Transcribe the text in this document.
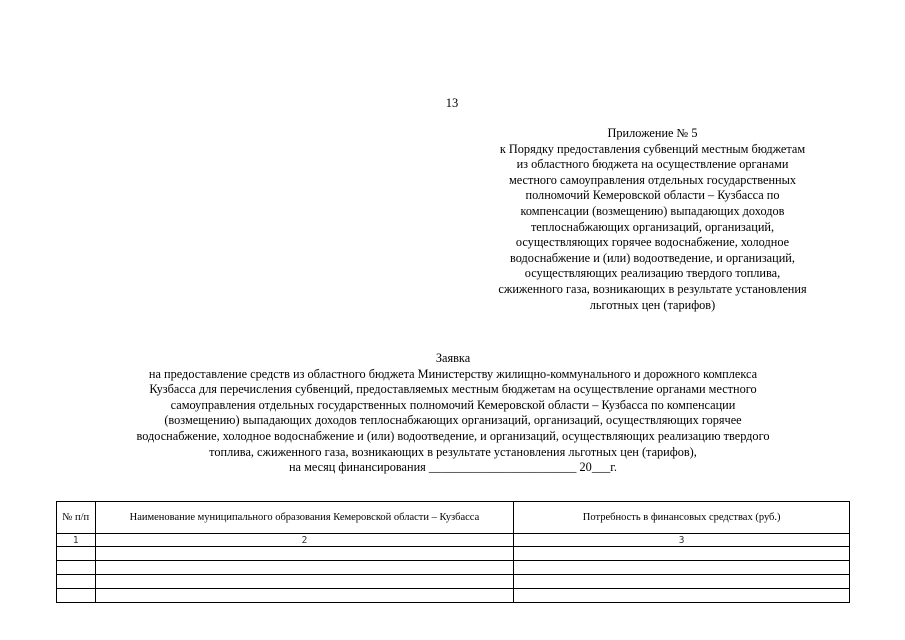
13
Приложение № 5
к Порядку предоставления субвенций местным бюджетам
из областного бюджета на осуществление органами
местного самоуправления отдельных государственных
полномочий Кемеровской области – Кузбасса по
компенсации (возмещению) выпадающих доходов
теплоснабжающих организаций, организаций,
осуществляющих горячее водоснабжение, холодное
водоснабжение и (или) водоотведение, и организаций,
осуществляющих реализацию твердого топлива,
сжиженного газа, возникающих в результате установления
льготных цен (тарифов)
Заявка
на предоставление средств из областного бюджета Министерству жилищно-коммунального и дорожного комплекса
Кузбасса для перечисления субвенций, предоставляемых местным бюджетам на осуществление органами местного
самоуправления отдельных государственных полномочий Кемеровской области – Кузбасса по компенсации
(возмещению) выпадающих доходов теплоснабжающих организаций, организаций, осуществляющих горячее
водоснабжение, холодное водоснабжение и (или) водоотведение, и организаций, осуществляющих реализацию твердого
топлива, сжиженного газа, возникающих в результате установления льготных цен (тарифов),
на месяц финансирования ________________________ 20___г.
№ п/п	Наименование муниципального образования Кемеровской области – Кузбасса	Потребность в финансовых средствах (руб.)
1	2	3
